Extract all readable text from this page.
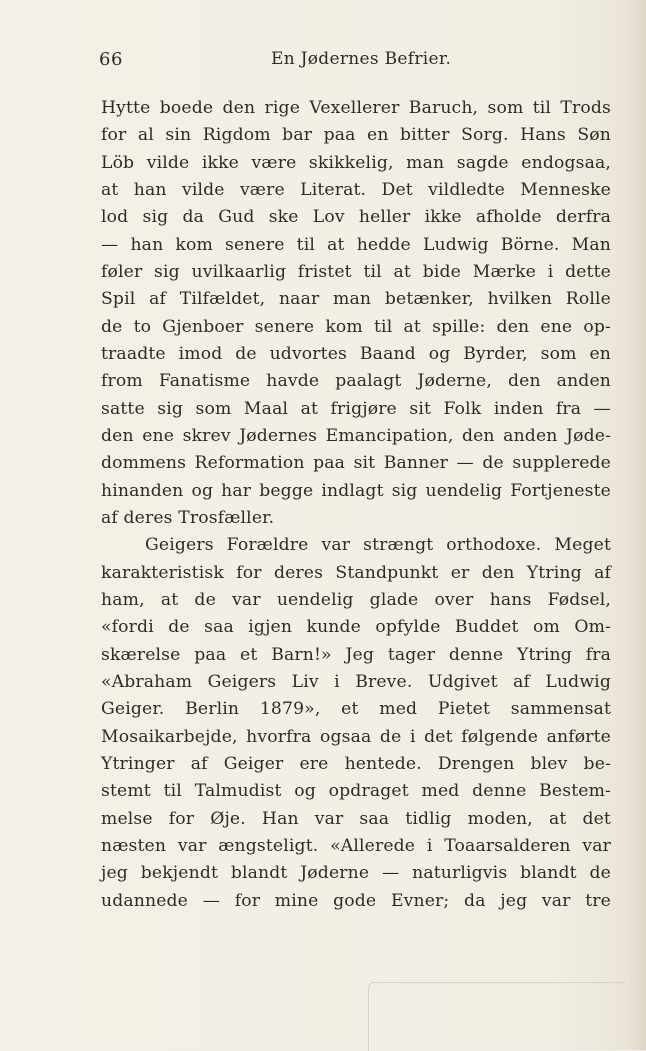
66	En Jødernes Befrier.
Hytte boede den rige Vexellerer Baruch, som til Trods
for al sin Rigdom bar paa en bitter Sorg. Hans Søn
Löb vilde ikke være skikkelig, man sagde endogsaa,
at han vilde være Literat. Det vildledte Menneske
lod sig da Gud ske Lov heller ikke afholde derfra
— han kom senere til at hedde Ludwig Börne. Man
føler sig uvilkaarlig fristet til at bide Mærke i dette
Spil af Tilfældet, naar man betænker, hvilken Rolle
de to Gjenboer senere kom til at spille: den ene op-
traadte imod de udvortes Baand og Byrder, som en
from Fanatisme havde paalagt Jøderne, den anden
satte sig som Maal at frigjøre sit Folk inden fra —
den ene skrev Jødernes Emancipation, den anden Jøde-
dommens Reformation paa sit Banner — de supplerede
hinanden og har begge indlagt sig uendelig Fortjeneste
af deres Trosfæller.
Geigers Forældre var strængt orthodoxe. Meget
karakteristisk for deres Standpunkt er den Ytring af
ham, at de var uendelig glade over hans Fødsel,
«fordi de saa igjen kunde opfylde Buddet om Om-
skærelse paa et Barn!» Jeg tager denne Ytring fra
«Abraham Geigers Liv i Breve. Udgivet af Ludwig
Geiger. Berlin 1879», et med Pietet sammensat
Mosaikarbejde, hvorfra ogsaa de i det følgende anførte
Ytringer af Geiger ere hentede. Drengen blev be-
stemt til Talmudist og opdraget med denne Bestem-
melse for Øje. Han var saa tidlig moden, at det
næsten var ængsteligt. «Allerede i Toaarsalderen var
jeg bekjendt blandt Jøderne — naturligvis blandt de
udannede — for mine gode Evner; da jeg var tre
